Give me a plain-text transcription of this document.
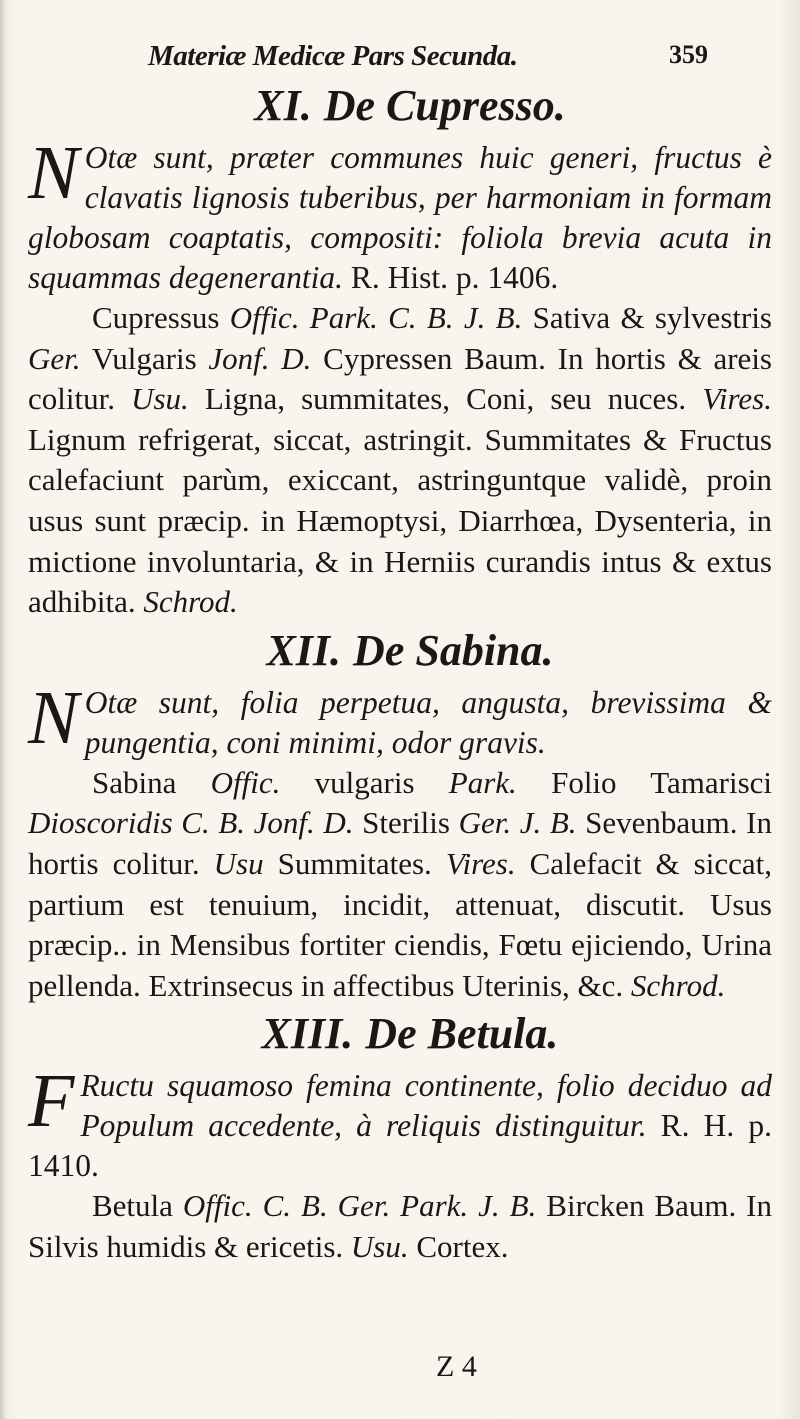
Materiæ Medicæ Pars Secunda.	359
XI. De Cupresso.

N Otæ sunt, præter communes huic generi, fructus è clavatis lignosis tuberibus, per harmoniam in formam globosam coaptatis, compositi: foliola brevia acuta in squammas degenerantia. R. Hist. p. 1406.

Cupressus Offic. Park. C. B. J. B. Sativa & sylvestris Ger. Vulgaris Jonf. D. Cypressen Baum. In hortis & areis colitur. Usu. Ligna, summitates, Coni, seu nuces. Vires. Lignum refrigerat, siccat, astringit. Summitates & Fructus calefaciunt parùm, exiccant, astringuntque validè, proin usus sunt præcip. in Hæmoptysi, Diarrhœa, Dysenteria, in mictione involuntaria, & in Herniis curandis intus & extus adhibita. Schrod.

XII. De Sabina.

N Otæ sunt, folia perpetua, angusta, brevissima & pungentia, coni minimi, odor gravis.

Sabina Offic. vulgaris Park. Folio Tamarisci Dioscoridis C. B. Jonf. D. Sterilis Ger. J. B. Sevenbaum. In hortis colitur. Usu Summitates. Vires. Calefacit & siccat, partium est tenuium, incidit, attenuat, discutit. Usus præcip.. in Mensibus fortiter ciendis, Fœtu ejiciendo, Urina pellenda. Extrinsecus in affectibus Uterinis, &c. Schrod.

XIII. De Betula.

F Ructu squamoso femina continente, folio deciduo ad Populum accedente, à reliquis distinguitur. R. H. p. 1410.

Betula Offic. C. B. Ger. Park. J. B. Bircken Baum. In Silvis humidis & ericetis. Usu. Cortex.

Z 4
